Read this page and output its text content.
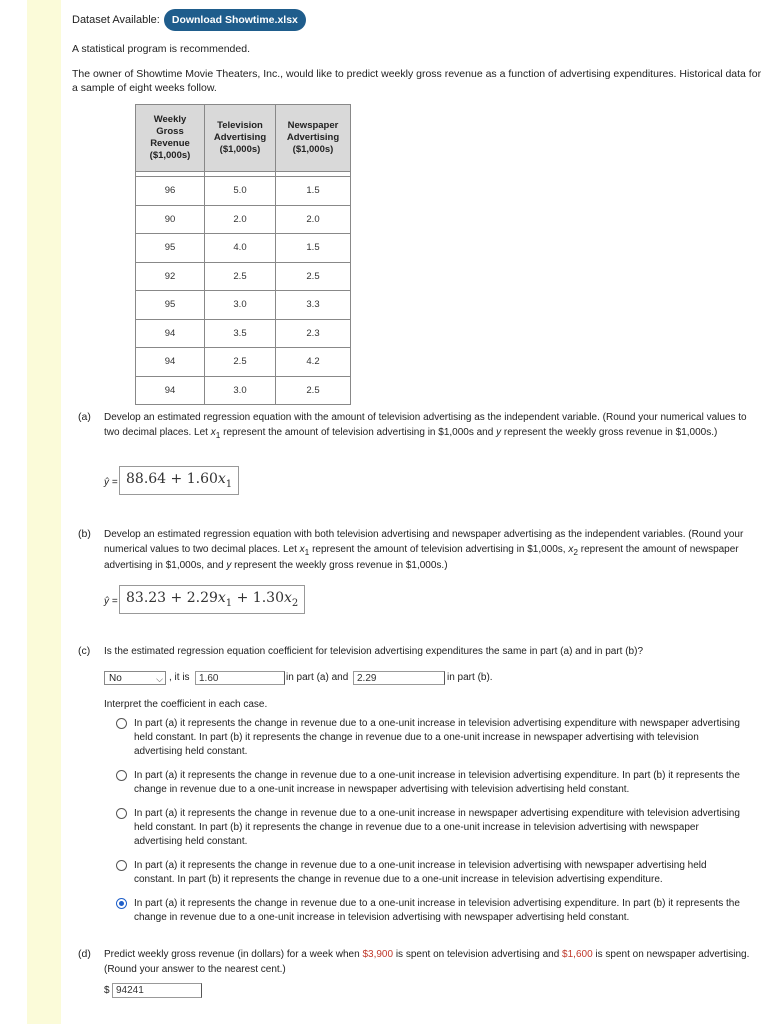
Dataset Available:	Download Showtime.xlsx
A statistical program is recommended.
The owner of Showtime Movie Theaters, Inc., would like to predict weekly gross revenue as a function of advertising expenditures. Historical data for a sample of eight weeks follow.
Weekly Gross Revenue ($1,000s)	Television Advertising ($1,000s)	Newspaper Advertising ($1,000s)

96	5.0	1.5
90	2.0	2.0
95	4.0	1.5
92	2.5	2.5
95	3.0	3.3
94	3.5	2.3
94	2.5	4.2
94	3.0	2.5
(a) Develop an estimated regression equation with the amount of television advertising as the independent variable. (Round your numerical values to two decimal places. Let $x_1$ represent the amount of television advertising in $1,000s and y represent the weekly gross revenue in $1,000s.)
ŷ = $88.64 + 1.60x_1$
(b) Develop an estimated regression equation with both television advertising and newspaper advertising as the independent variables. (Round your numerical values to two decimal places. Let $x_1$ represent the amount of television advertising in $1,000s, $x_2$ represent the amount of newspaper advertising in $1,000s, and y represent the weekly gross revenue in $1,000s.)
ŷ = $83.23 + 2.29x_1 + 1.30x_2$
(c) Is the estimated regression equation coefficient for television advertising expenditures the same in part (a) and in part (b)?
No	⌵ , it is 1.60	in part (a) and 2.29	in part (b).
Interpret the coefficient in each case.
In part (a) it represents the change in revenue due to a one-unit increase in television advertising expenditure with newspaper advertising held constant. In part (b) it represents the change in revenue due to a one-unit increase in newspaper advertising with television advertising held constant.
In part (a) it represents the change in revenue due to a one-unit increase in television advertising expenditure. In part (b) it represents the change in revenue due to a one-unit increase in newspaper advertising with television advertising held constant.
In part (a) it represents the change in revenue due to a one-unit increase in newspaper advertising expenditure with television advertising held constant. In part (b) it represents the change in revenue due to a one-unit increase in television advertising with newspaper advertising held constant.
In part (a) it represents the change in revenue due to a one-unit increase in television advertising with newspaper advertising held constant. In part (b) it represents the change in revenue due to a one-unit increase in television advertising expenditure.
In part (a) it represents the change in revenue due to a one-unit increase in television advertising expenditure. In part (b) it represents the change in revenue due to a one-unit increase in television advertising with newspaper advertising held constant.
(d) Predict weekly gross revenue (in dollars) for a week when $3,900 is spent on television advertising and $1,600 is spent on newspaper advertising. (Round your answer to the nearest cent.)
$ 94241
